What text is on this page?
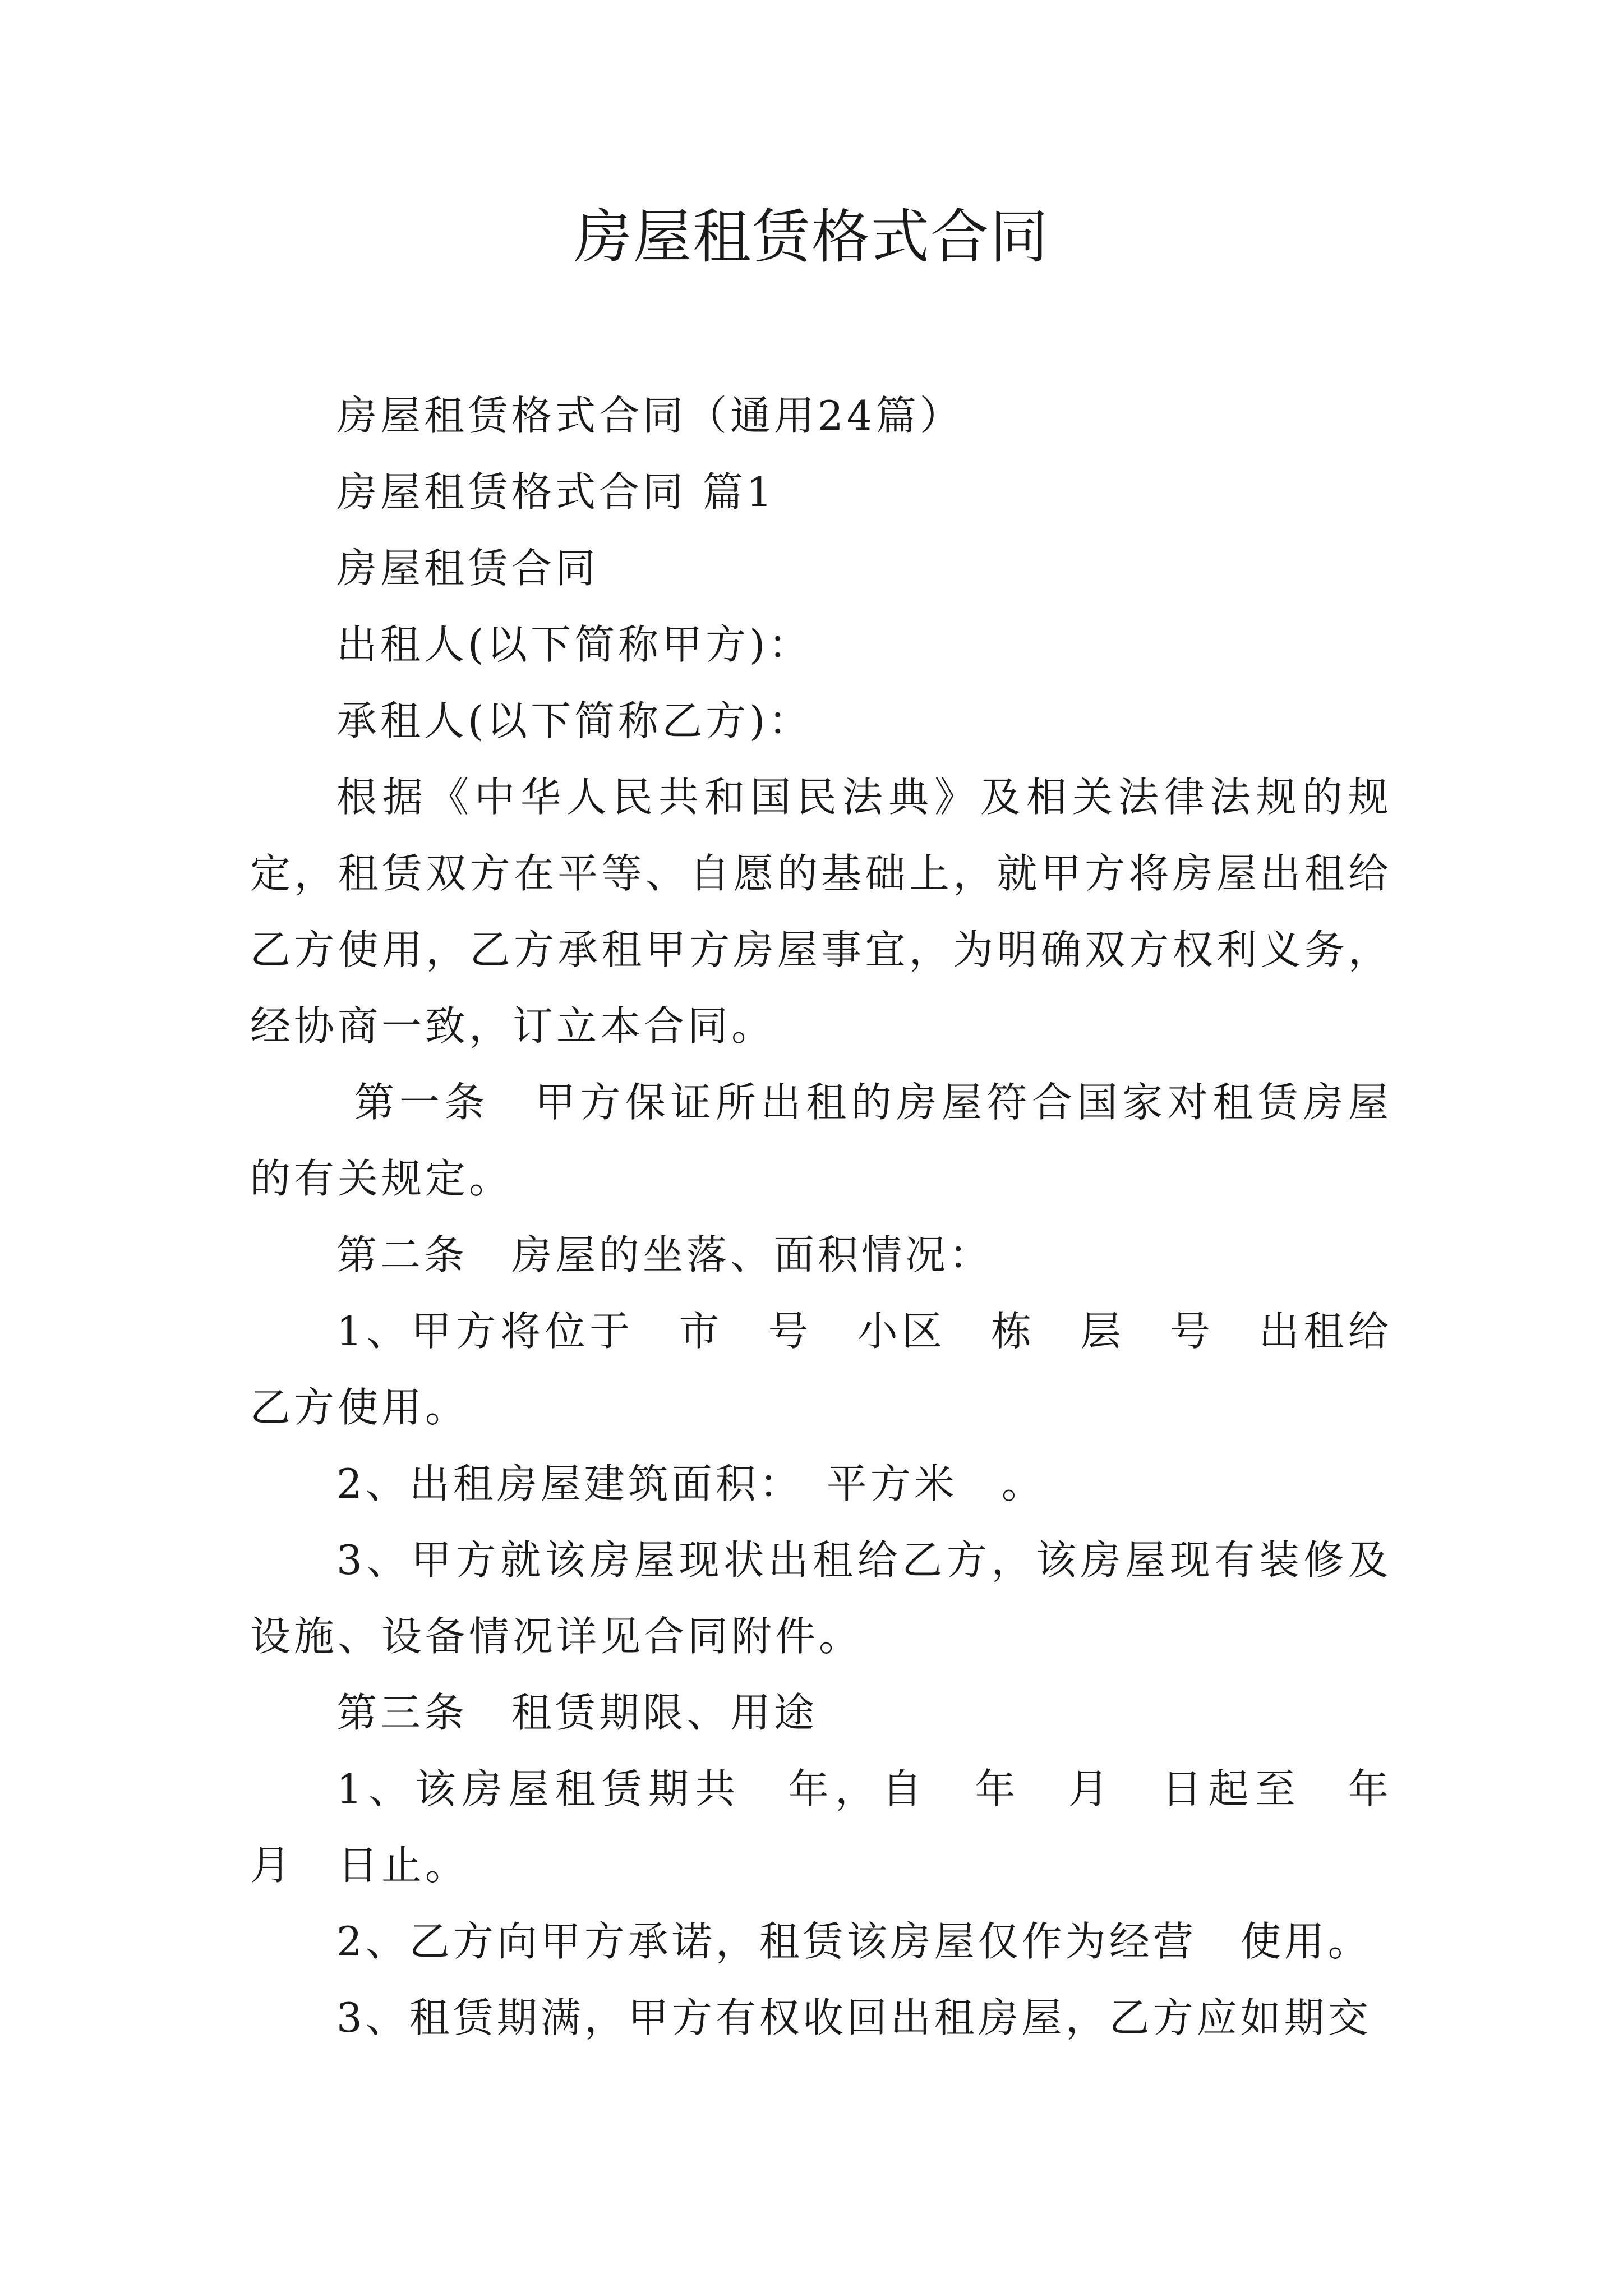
房屋租赁格式合同

房屋租赁格式合同（通用24篇）

房屋租赁格式合同 篇1

房屋租赁合同

出租人(以下简称甲方)：

承租人(以下简称乙方)：

根据《中华人民共和国民法典》及相关法律法规的规定，租赁双方在平等、自愿的基础上，就甲方将房屋出租给乙方使用，乙方承租甲方房屋事宜，为明确双方权利义务，经协商一致，订立本合同。

第一条　甲方保证所出租的房屋符合国家对租赁房屋的有关规定。

第二条　房屋的坐落、面积情况：

1、甲方将位于　市　号　小区　栋　层　号　出租给乙方使用。

2、出租房屋建筑面积：　平方米　。

3、甲方就该房屋现状出租给乙方，该房屋现有装修及设施、设备情况详见合同附件。

第三条　租赁期限、用途

1、该房屋租赁期共　年，自　年　月　日起至　年　月　日止。

2、乙方向甲方承诺，租赁该房屋仅作为经营　使用。

3、租赁期满，甲方有权收回出租房屋，乙方应如期交
